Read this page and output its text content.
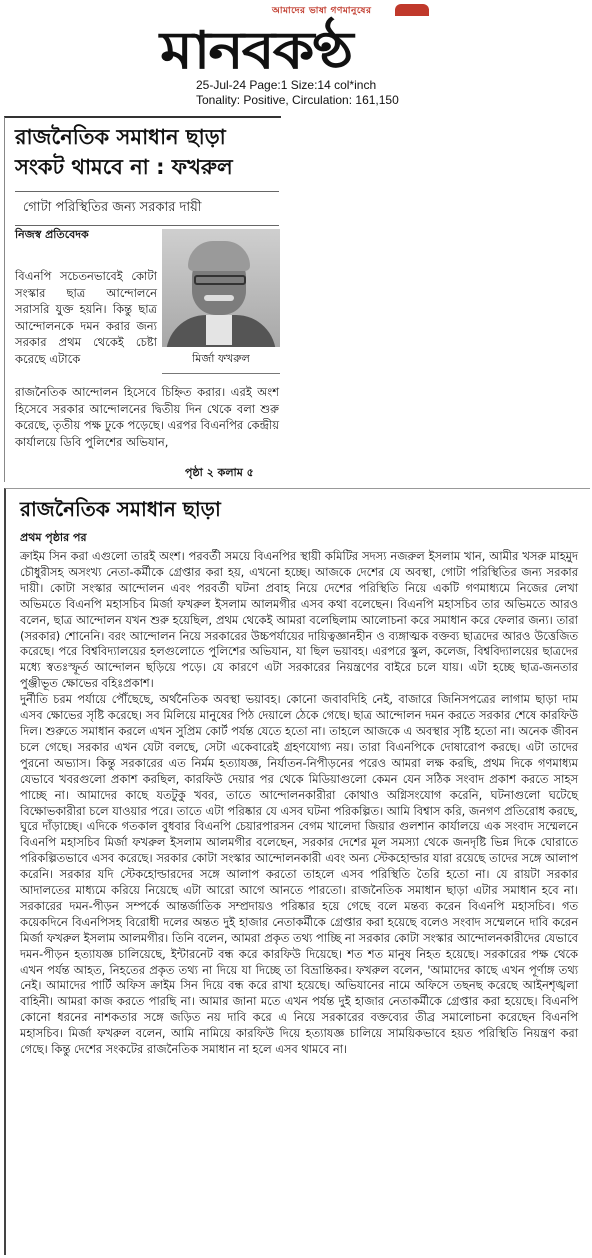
আমাদের ভাষা গণমানুষের
মানবকণ্ঠ
25-Jul-24 Page:1 Size:14 col*inch
Tonality: Positive, Circulation: 161,150
রাজনৈতিক সমাধান ছাড়া সংকট থামবে না : ফখরুল
গোটা পরিস্থিতির জন্য সরকার দায়ী
নিজস্ব প্রতিবেদক
মির্জা ফখরুল

বিএনপি সচেতনভাবেই কোটা সংস্কার ছাত্র আন্দোলনে সরাসরি যুক্ত হয়নি। কিন্তু ছাত্র আন্দোলনকে দমন করার জন্য সরকার প্রথম থেকেই চেষ্টা করেছে এটাকে

রাজনৈতিক আন্দোলন হিসেবে চিহ্নিত করার। এরই অংশ হিসেবে সরকার আন্দোলনের দ্বিতীয় দিন থেকে বলা শুরু করেছে, তৃতীয় পক্ষ ঢুকে পড়েছে। এরপর বিএনপির কেন্দ্রীয় কার্যালয়ে ডিবি পুলিশের অভিযান,

পৃষ্ঠা ২ কলাম ৫
রাজনৈতিক সমাধান ছাড়া
প্রথম পৃষ্ঠার পর

ক্রাইম সিন করা এগুলো তারই অংশ। পরবর্তী সময়ে বিএনপির স্থায়ী কমিটির সদস্য নজরুল ইসলাম খান, আমীর খসরু মাহমুদ চৌধুরীসহ অসংখ্য নেতা-কর্মীকে গ্রেপ্তার করা হয়, এখনো হচ্ছে। আজকে দেশের যে অবস্থা, গোটা পরিস্থিতির জন্য সরকার দায়ী। কোটা সংস্কার আন্দোলন এবং পরবর্তী ঘটনা প্রবাহ নিয়ে দেশের পরিস্থিতি নিয়ে একটি গণমাধ্যমে নিজের লেখা অভিমতে বিএনপি মহাসচিব মির্জা ফখরুল ইসলাম আলমগীর এসব কথা বলেছেন। বিএনপি মহাসচিব তার অভিমতে আরও বলেন, ছাত্র আন্দোলন যখন শুরু হয়েছিল, প্রথম থেকেই আমরা বলেছিলাম আলোচনা করে সমাধান করে ফেলার জন্য। তারা (সরকার) শোনেনি। বরং আন্দোলন নিয়ে সরকারের উচ্চপর্যায়ের দায়িত্বজ্ঞানহীন ও ব্যঙ্গাত্মক বক্তব্য ছাত্রদের আরও উত্তেজিত করেছে। পরে বিশ্ববিদ্যালয়ের হলগুলোতে পুলিশের অভিযান, যা ছিল ভয়াবহ। এরপরে স্কুল, কলেজ, বিশ্ববিদ্যালয়ের ছাত্রদের মধ্যে স্বতঃস্ফূর্ত আন্দোলন ছড়িয়ে পড়ে। যে কারণে এটা সরকারের নিয়ন্ত্রণের বাইরে চলে যায়। এটা হচ্ছে ছাত্র-জনতার পুঞ্জীভূত ক্ষোভের বহিঃপ্রকাশ।

দুর্নীতি চরম পর্যায়ে পৌঁছেছে, অর্থনৈতিক অবস্থা ভয়াবহ। কোনো জবাবদিহি নেই, বাজারে জিনিসপত্রের লাগাম ছাড়া দাম এসব ক্ষোভের সৃষ্টি করেছে। সব মিলিয়ে মানুষের পিঠ দেয়ালে ঠেকে গেছে। ছাত্র আন্দোলন দমন করতে সরকার শেষে কারফিউ দিল। শুরুতে সমাধান করলে এখন সুপ্রিম কোর্ট পর্যন্ত যেতে হতো না। তাহলে আজকে এ অবস্থার সৃষ্টি হতো না। অনেক জীবন চলে গেছে। সরকার এখন যেটা বলছে, সেটা একেবারেই গ্রহণযোগ্য নয়। তারা বিএনপিকে দোষারোপ করছে। এটা তাদের পুরনো অভ্যাস। কিন্তু সরকারের এত নির্মম হত্যাযজ্ঞ, নির্যাতন-নিপীড়নের পরেও আমরা লক্ষ করছি, প্রথম দিকে গণমাধ্যম যেভাবে খবরগুলো প্রকাশ করছিল, কারফিউ দেয়ার পর থেকে মিডিয়াগুলো কেমন যেন সঠিক সংবাদ প্রকাশ করতে সাহস পাচ্ছে না। আমাদের কাছে যতটুকু খবর, তাতে আন্দোলনকারীরা কোথাও অগ্নিসংযোগ করেনি, ঘটনাগুলো ঘটেছে বিক্ষোভকারীরা চলে যাওয়ার পরে। তাতে এটা পরিষ্কার যে এসব ঘটনা পরিকল্পিত। আমি বিশ্বাস করি, জনগণ প্রতিরোধ করছে, ঘুরে দাঁড়াচ্ছে। এদিকে গতকাল বুধবার বিএনপি চেয়ারপারসন বেগম খালেদা জিয়ার গুলশান কার্যালয়ে এক সংবাদ সম্মেলনে বিএনপি মহাসচিব মির্জা ফখরুল ইসলাম আলমগীর বলেছেন, সরকার দেশের মূল সমস্যা থেকে জনদৃষ্টি ভিন্ন দিকে ঘোরাতে পরিকল্পিতভাবে এসব করেছে। সরকার কোটা সংস্কার আন্দোলনকারী এবং অন্য স্টেকহোল্ডার যারা রয়েছে তাদের সঙ্গে আলাপ করেনি। সরকার যদি স্টেকহোল্ডারদের সঙ্গে আলাপ করতো তাহলে এসব পরিস্থিতি তৈরি হতো না। যে রায়টা সরকার আদালতের মাধ্যমে করিয়ে নিয়েছে এটা আরো আগে আনতে পারতো। রাজনৈতিক সমাধান ছাড়া এটার সমাধান হবে না। সরকারের দমন-পীড়ন সম্পর্কে আন্তর্জাতিক সম্প্রদায়ও পরিষ্কার হয়ে গেছে বলে মন্তব্য করেন বিএনপি মহাসচিব। গত কয়েকদিনে বিএনপিসহ বিরোধী দলের অন্তত দুই হাজার নেতাকর্মীকে গ্রেপ্তার করা হয়েছে বলেও সংবাদ সম্মেলনে দাবি করেন মির্জা ফখরুল ইসলাম আলমগীর। তিনি বলেন, আমরা প্রকৃত তথ্য পাচ্ছি না সরকার কোটা সংস্কার আন্দোলনকারীদের যেভাবে দমন-পীড়ন হত্যাযজ্ঞ চালিয়েছে, ইন্টারনেট বন্ধ করে কারফিউ দিয়েছে। শত শত মানুষ নিহত হয়েছে। সরকারের পক্ষ থেকে এখন পর্যন্ত আহত, নিহতের প্রকৃত তথ্য না দিয়ে যা দিচ্ছে তা বিভ্রান্তিকর। ফখরুল বলেন, 'আমাদের কাছে এখন পূর্ণাঙ্গ তথ্য নেই। আমাদের পার্টি অফিস ক্রাইম সিন দিয়ে বন্ধ করে রাখা হয়েছে। অভিযানের নামে অফিসে তছনছ করেছে আইনশৃঙ্খলা বাহিনী। আমরা কাজ করতে পারছি না। আমার জানা মতে এখন পর্যন্ত দুই হাজার নেতাকর্মীকে গ্রেপ্তার করা হয়েছে। বিএনপি কোনো ধরনের নাশকতার সঙ্গে জড়িত নয় দাবি করে এ নিয়ে সরকারের বক্তব্যের তীব্র সমালোচনা করেছেন বিএনপি মহাসচিব। মির্জা ফখরুল বলেন, আমি নামিয়ে কারফিউ দিয়ে হত্যাযজ্ঞ চালিয়ে সাময়িকভাবে হয়ত পরিস্থিতি নিয়ন্ত্রণ করা গেছে। কিন্তু দেশের সংকটের রাজনৈতিক সমাধান না হলে এসব থামবে না।
